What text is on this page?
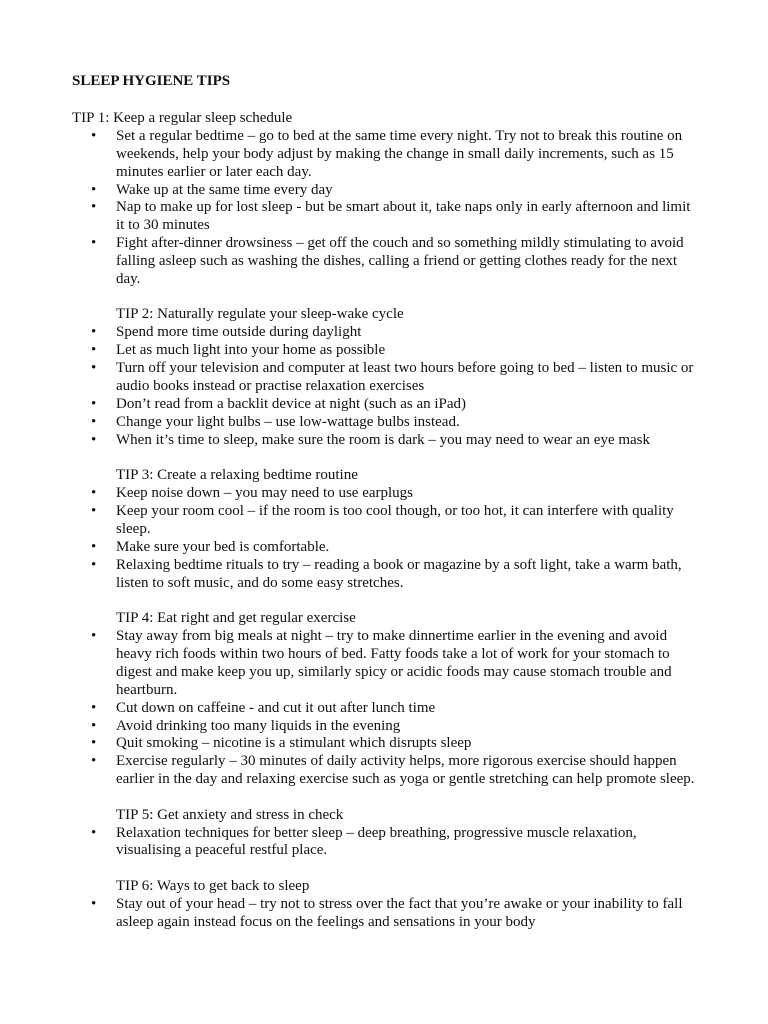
SLEEP HYGIENE TIPS
TIP 1: Keep a regular sleep schedule
• Set a regular bedtime – go to bed at the same time every night. Try not to break this routine on weekends, help your body adjust by making the change in small daily increments, such as 15 minutes earlier or later each day.
• Wake up at the same time every day
• Nap to make up for lost sleep - but be smart about it, take naps only in early afternoon and limit it to 30 minutes
• Fight after-dinner drowsiness – get off the couch and so something mildly stimulating to avoid falling asleep such as washing the dishes, calling a friend or getting clothes ready for the next day.
TIP 2: Naturally regulate your sleep-wake cycle
• Spend more time outside during daylight
• Let as much light into your home as possible
• Turn off your television and computer at least two hours before going to bed – listen to music or audio books instead or practise relaxation exercises
• Don’t read from a backlit device at night (such as an iPad)
• Change your light bulbs – use low-wattage bulbs instead.
• When it’s time to sleep, make sure the room is dark – you may need to wear an eye mask
TIP 3: Create a relaxing bedtime routine
• Keep noise down – you may need to use earplugs
• Keep your room cool – if the room is too cool though, or too hot, it can interfere with quality sleep.
• Make sure your bed is comfortable.
• Relaxing bedtime rituals to try – reading a book or magazine by a soft light, take a warm bath, listen to soft music, and do some easy stretches.
TIP 4: Eat right and get regular exercise
• Stay away from big meals at night – try to make dinnertime earlier in the evening and avoid heavy rich foods within two hours of bed. Fatty foods take a lot of work for your stomach to digest and make keep you up, similarly spicy or acidic foods may cause stomach trouble and heartburn.
• Cut down on caffeine - and cut it out after lunch time
• Avoid drinking too many liquids in the evening
• Quit smoking – nicotine is a stimulant which disrupts sleep
• Exercise regularly – 30 minutes of daily activity helps, more rigorous exercise should happen earlier in the day and relaxing exercise such as yoga or gentle stretching can help promote sleep.
TIP 5: Get anxiety and stress in check
• Relaxation techniques for better sleep – deep breathing, progressive muscle relaxation, visualising a peaceful restful place.
TIP 6: Ways to get back to sleep
• Stay out of your head – try not to stress over the fact that you’re awake or your inability to fall asleep again instead focus on the feelings and sensations in your body
